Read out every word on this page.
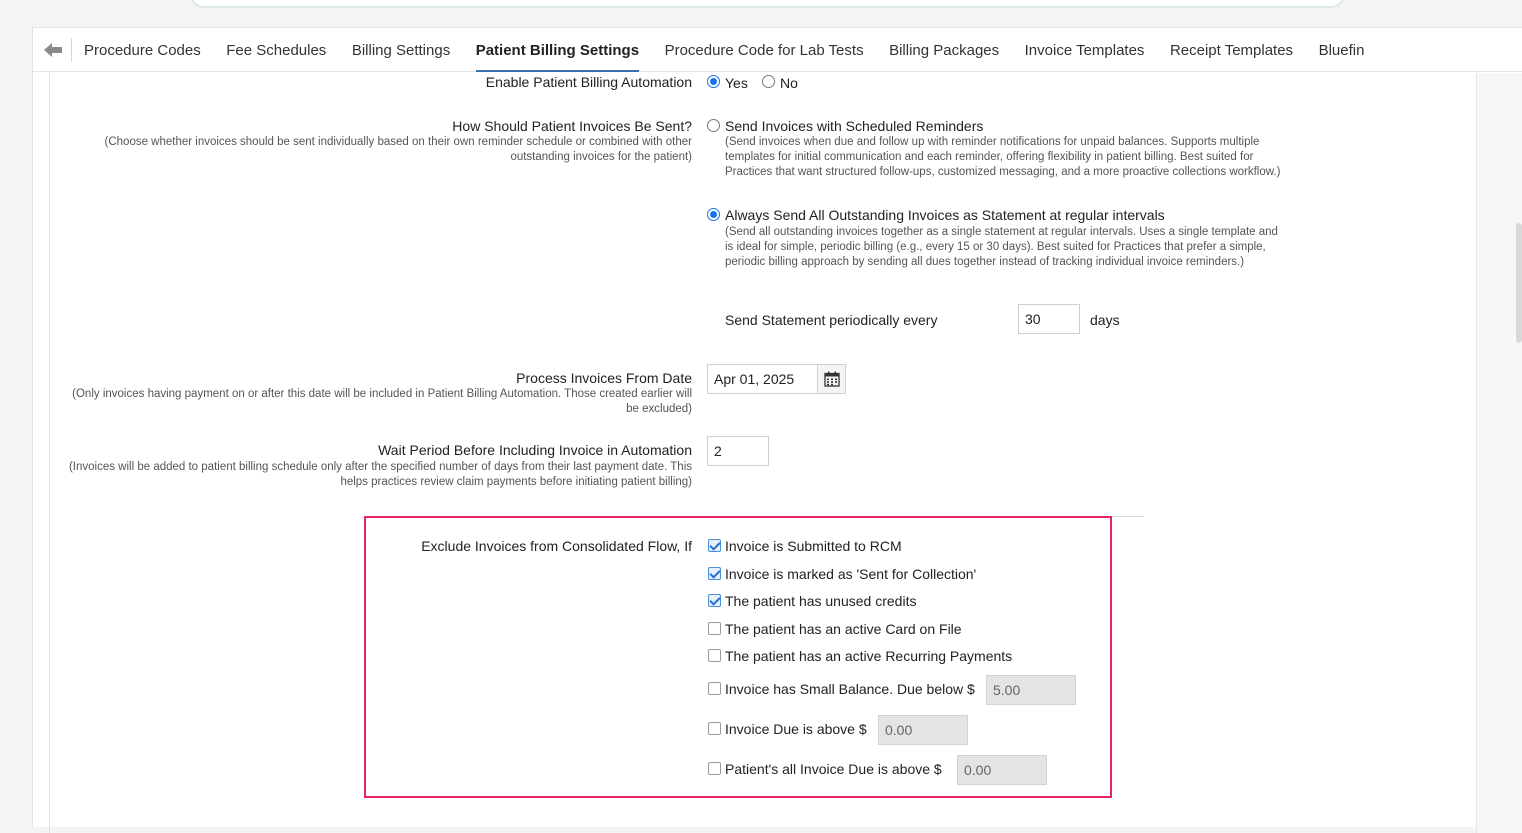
Procedure Codes Fee Schedules Billing Settings Patient Billing Settings Procedure Code for Lab Tests Billing Packages Invoice Templates Receipt Templates Bluefin
Enable Patient Billing Automation Yes No
How Should Patient Invoices Be Sent?
(Choose whether invoices should be sent individually based on their own reminder schedule or combined with other outstanding invoices for the patient)
Send Invoices with Scheduled Reminders
(Send invoices when due and follow up with reminder notifications for unpaid balances. Supports multiple templates for initial communication and each reminder, offering flexibility in patient billing. Best suited for Practices that want structured follow-ups, customized messaging, and a more proactive collections workflow.)
Always Send All Outstanding Invoices as Statement at regular intervals
(Send all outstanding invoices together as a single statement at regular intervals. Uses a single template and is ideal for simple, periodic billing (e.g., every 15 or 30 days). Best suited for Practices that prefer a simple, periodic billing approach by sending all dues together instead of tracking individual invoice reminders.)
Send Statement periodically every	30	days
Process Invoices From Date
(Only invoices having payment on or after this date will be included in Patient Billing Automation. Those created earlier will be excluded)
Apr 01, 2025
Wait Period Before Including Invoice in Automation
(Invoices will be added to patient billing schedule only after the specified number of days from their last payment date. This helps practices review claim payments before initiating patient billing)
2
Exclude Invoices from Consolidated Flow, If Invoice is Submitted to RCM
Invoice is marked as 'Sent for Collection'
The patient has unused credits
The patient has an active Card on File
The patient has an active Recurring Payments
Invoice has Small Balance. Due below $	5.00
Invoice Due is above $	0.00
Patient's all Invoice Due is above $	0.00
